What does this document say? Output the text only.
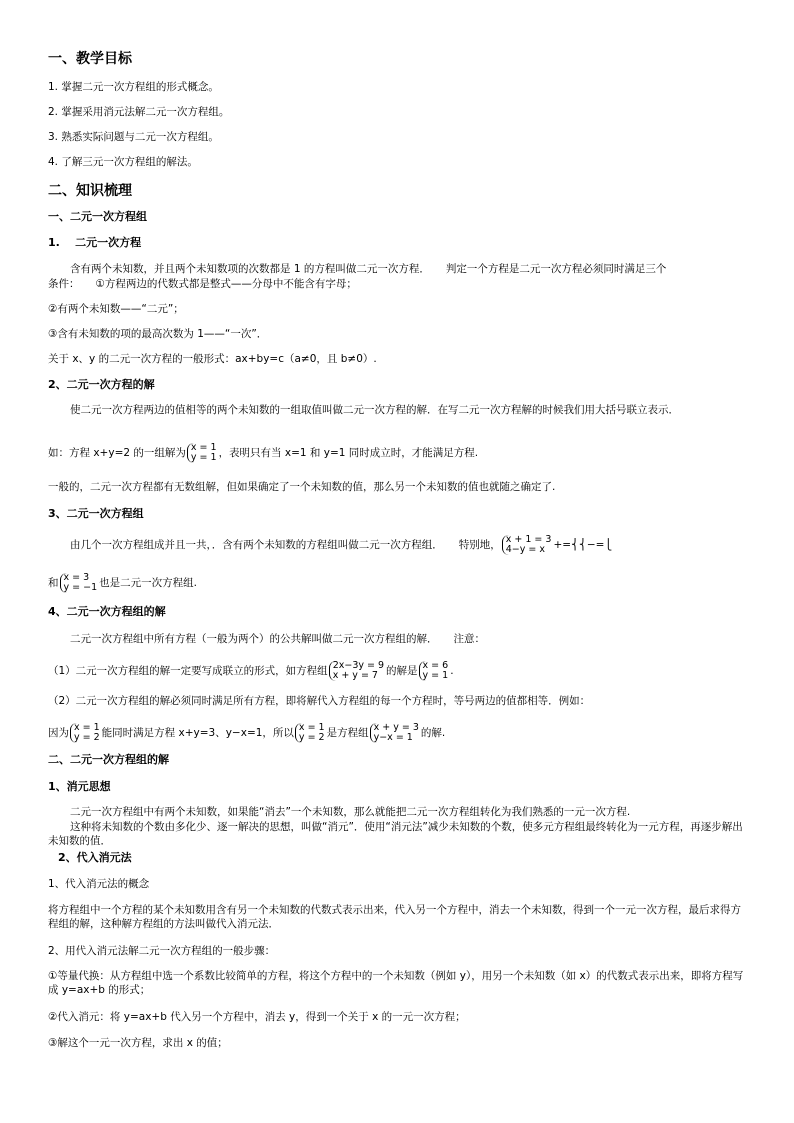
一、教学目标
1. 掌握二元一次方程组的形式概念。
2. 掌握采用消元法解二元一次方程组。
3. 熟悉实际问题与二元一次方程组。
4. 了解三元一次方程组的解法。
二、知识梳理
一、二元一次方程组
1.    二元一次方程
含有两个未知数，并且两个未知数项的次数都是 1 的方程叫做二元一次方程． 判定一个方程是二元一次方程必须同时满足三个
条件： ①方程两边的代数式都是整式——分母中不能含有字母；
②有两个未知数——“二元”；
③含有未知数的项的最高次数为 1——“一次”．
关于 x、y 的二元一次方程的一般形式：ax+by=c（a≠0，且 b≠0）.
2、二元一次方程的解
使二元一次方程两边的值相等的两个未知数的一组取值叫做二元一次方程的解．在写二元一次方程解的时候我们用大括号联立表示．
如：方程 x+y=2 的一组解为 x = 1
y = 1 ，表明只有当 x=1 和 y=1 同时成立时，才能满足方程.
一般的，二元一次方程都有无数组解，但如果确定了一个未知数的值，那么另一个未知数的值也就随之确定了.
3、二元一次方程组
由几个一次方程组成并且一共，．含有两个未知数的方程组叫做二元一次方程组． 特别地， x + 1 = 3
4−y = x +=⎨⎨−=⎩
和 x = 3
y = −1 也是二元一次方程组.
4、二元一次方程组的解
二元一次方程组中所有方程（一般为两个）的公共解叫做二元一次方程组的解． 注意：
（1）二元一次方程组的解一定要写成联立的形式，如方程组 2x−3y = 9
x + y = 7 的解是 x = 6
y = 1 .
（2）二元一次方程组的解必须同时满足所有方程，即将解代入方程组的每一个方程时，等号两边的值都相等．例如：
因为 x = 1
y = 2 能同时满足方程 x+y=3、y−x=1，所以 x = 1
y = 2 是方程组 x + y = 3
y−x = 1 的解.
二、二元一次方程组的解
1、消元思想
二元一次方程组中有两个未知数，如果能“消去”一个未知数，那么就能把二元一次方程组转化为我们熟悉的一元一次方程.
这种将未知数的个数由多化少、逐一解决的思想，叫做“消元”．使用“消元法”减少未知数的个数，使多元方程组最终转化为一元方程，再逐步解出未知数的值．
2、代入消元法
1、代入消元法的概念
将方程组中一个方程的某个未知数用含有另一个未知数的代数式表示出来，代入另一个方程中，消去一个未知数，得到一个一元一次方程，最后求得方程组的解，这种解方程组的方法叫做代入消元法．
2、用代入消元法解二元一次方程组的一般步骤：
①等量代换：从方程组中选一个系数比较简单的方程，将这个方程中的一个未知数（例如 y），用另一个未知数（如 x）的代数式表示出来，即将方程写成 y=ax+b 的形式；
②代入消元：将 y=ax+b 代入另一个方程中，消去 y，得到一个关于 x 的一元一次方程；
③解这个一元一次方程，求出 x 的值；
